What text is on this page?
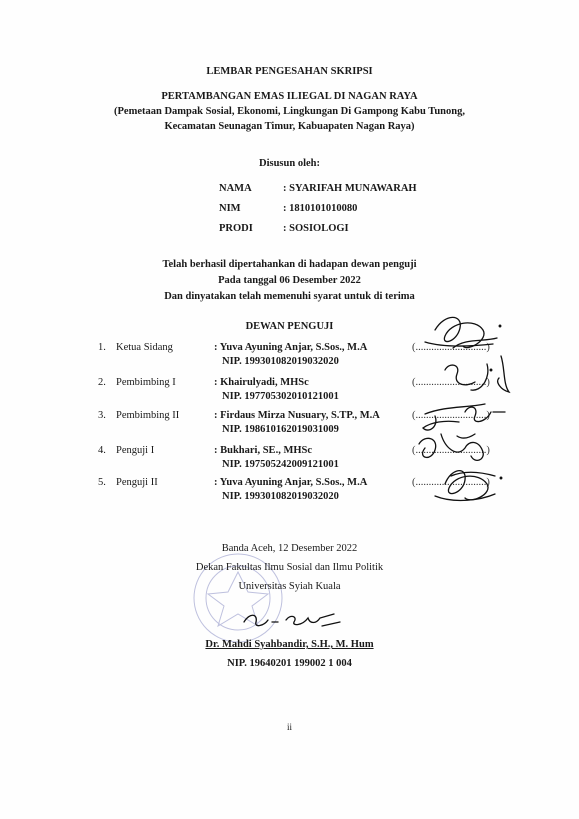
LEMBAR PENGESAHAN SKRIPSI
PERTAMBANGAN EMAS ILIEGAL DI NAGAN RAYA
(Pemetaan Dampak Sosial, Ekonomi, Lingkungan Di Gampong Kabu Tunong,
Kecamatan Seunagan Timur, Kabuapaten Nagan Raya)
Disusun oleh:
NAMA	: SYARIFAH MUNAWARAH
NIM	: 1810101010080
PRODI	: SOSIOLOGI
Telah berhasil dipertahankan di hadapan dewan penguji
Pada tanggal 06 Desember 2022
Dan dinyatakan telah memenuhi syarat untuk di terima
DEWAN PENGUJI
1. Ketua Sidang	: Yuva Ayuning Anjar, S.Sos., M.A
NIP. 199301082019032020
(...........................)
2. Pembimbing I	: Khairulyadi, MHSc
NIP. 197705302010121001
(...........................)
3. Pembimbing II	: Firdaus Mirza Nusuary, S.TP., M.A
NIP. 198610162019031009
(...........................)
4. Penguji I	: Bukhari, SE., MHSc
NIP. 197505242009121001
(...........................)
5. Penguji II	: Yuva Ayuning Anjar, S.Sos., M.A
NIP. 199301082019032020
(...........................)
Banda Aceh, 12 Desember 2022
Dekan Fakultas Ilmu Sosial dan Ilmu Politik
Universitas Syiah Kuala
Dr. Mahdi Syahbandir, S.H., M. Hum
NIP. 19640201 199002 1 004
ii
